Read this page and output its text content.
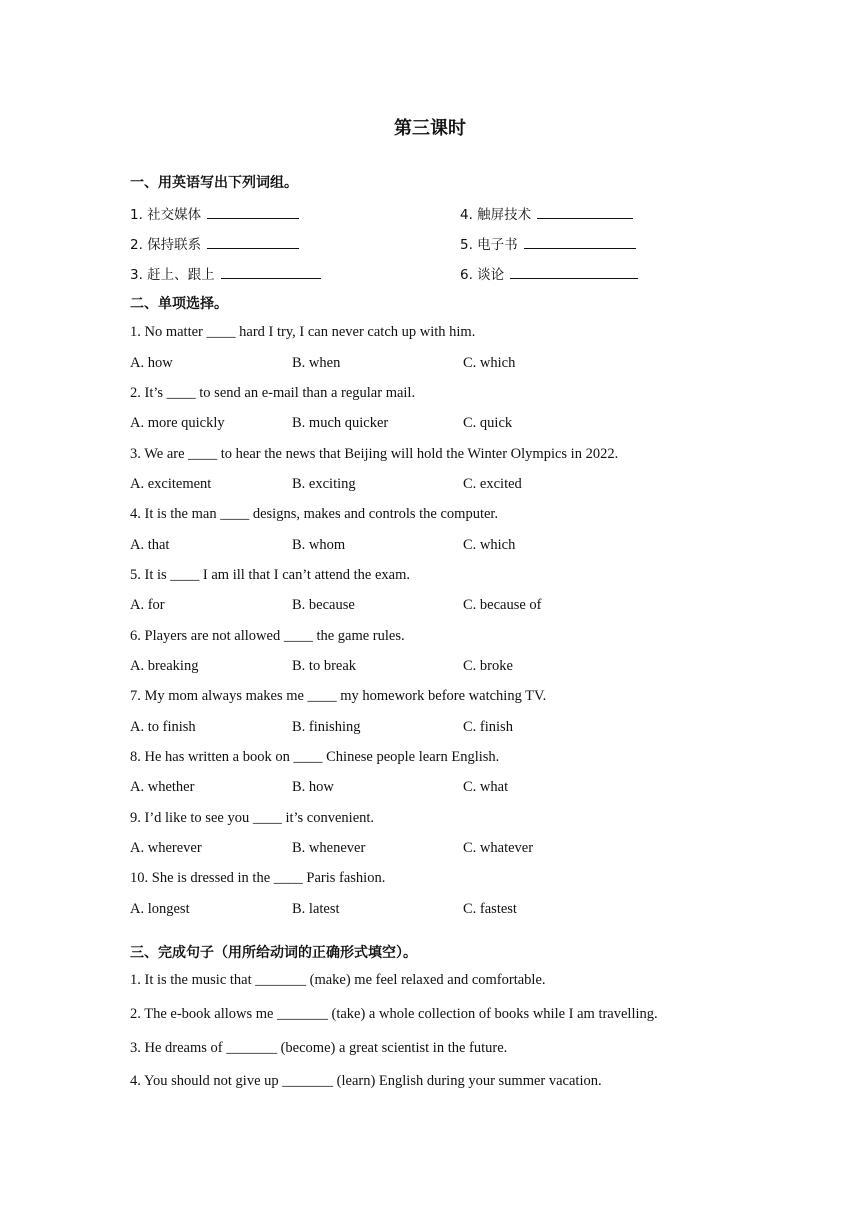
第三课时
一、用英语写出下列词组。
1. 社交媒体	4. 触屏技术
2. 保持联系	5. 电子书
3. 赶上、跟上	6. 谈论
二、单项选择。
1. No matter ____ hard I try, I can never catch up with him.
A. how	B. when	C. which
2. It’s ____ to send an e-mail than a regular mail.
A. more quickly	B. much quicker	C. quick
3. We are ____ to hear the news that Beijing will hold the Winter Olympics in 2022.
A. excitement	B. exciting	C. excited
4. It is the man ____ designs, makes and controls the computer.
A. that	B. whom	C. which
5. It is ____ I am ill that I can’t attend the exam.
A. for	B. because	C. because of
6. Players are not allowed ____ the game rules.
A. breaking	B. to break	C. broke
7. My mom always makes me ____ my homework before watching TV.
A. to finish	B. finishing	C. finish
8. He has written a book on ____ Chinese people learn English.
A. whether	B. how	C. what
9. I’d like to see you ____ it’s convenient.
A. wherever	B. whenever	C. whatever
10. She is dressed in the ____ Paris fashion.
A. longest	B. latest	C. fastest
三、完成句子（用所给动词的正确形式填空）。
1. It is the music that _______ (make) me feel relaxed and comfortable.
2. The e-book allows me _______ (take) a whole collection of books while I am travelling.
3. He dreams of _______ (become) a great scientist in the future.
4. You should not give up _______ (learn) English during your summer vacation.
